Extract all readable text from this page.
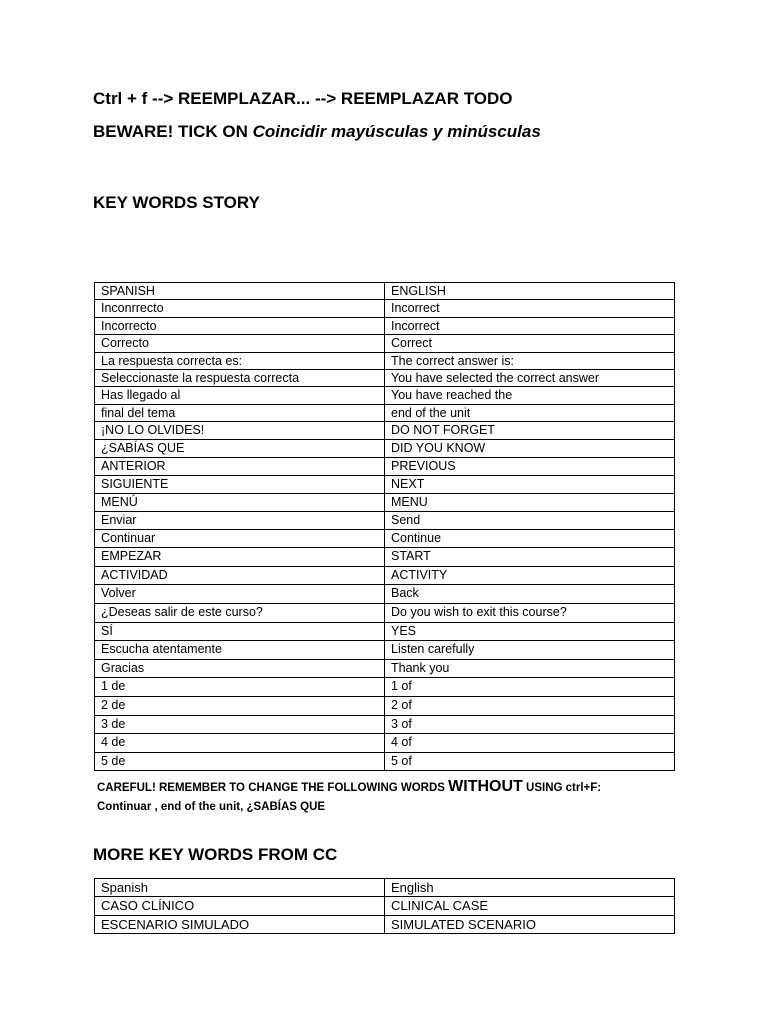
Ctrl + f --> REEMPLAZAR... --> REEMPLAZAR TODO
BEWARE! TICK ON Coincidir mayúsculas y minúsculas
KEY WORDS STORY
SPANISH	ENGLISH
Inconrrecto	Incorrect
Incorrecto	Incorrect
Correcto	Correct
La respuesta correcta es:	The correct answer is:
Seleccionaste la respuesta correcta	You have selected the correct answer
Has llegado al	You have reached the
final del tema	end of the unit
¡NO LO OLVIDES!	DO NOT FORGET
¿SABÍAS QUE	DID YOU KNOW
ANTERIOR	PREVIOUS
SIGUIENTE	NEXT
MENÚ	MENU
Enviar	Send
Continuar	Continue
EMPEZAR	START
ACTIVIDAD	ACTIVITY
Volver	Back
¿Deseas salir de este curso?	Do you wish to exit this course?
SÍ	YES
Escucha atentamente	Listen carefully
Gracias	Thank you
1 de	1 of
2 de	2 of
3 de	3 of
4 de	4 of
5 de	5 of
CAREFUL! REMEMBER TO CHANGE THE FOLLOWING WORDS WITHOUT USING ctrl+F:
Continuar , end of the unit, ¿SABÍAS QUE
MORE KEY WORDS FROM CC
Spanish	English
CASO CLÍNICO	CLINICAL CASE
ESCENARIO SIMULADO	SIMULATED SCENARIO
